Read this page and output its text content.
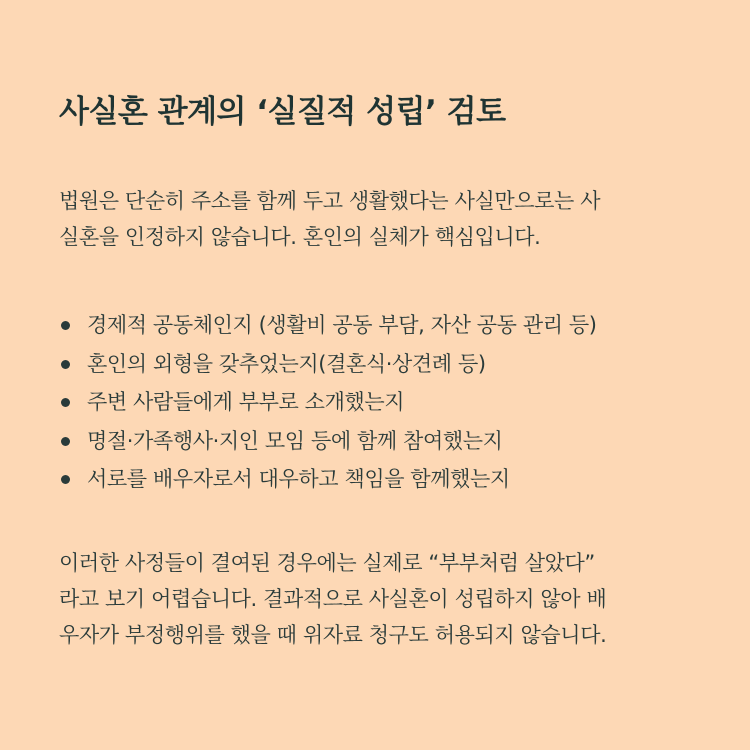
사실혼 관계의 ‘실질적 성립’ 검토

법원은 단순히 주소를 함께 두고 생활했다는 사실만으로는 사
실혼을 인정하지 않습니다. 혼인의 실체가 핵심입니다.

경제적 공동체인지 (생활비 공동 부담, 자산 공동 관리 등)
혼인의 외형을 갖추었는지(결혼식·상견례 등)
주변 사람들에게 부부로 소개했는지
명절·가족행사·지인 모임 등에 함께 참여했는지
서로를 배우자로서 대우하고 책임을 함께했는지

이러한 사정들이 결여된 경우에는 실제로 “부부처럼 살았다”
라고 보기 어렵습니다. 결과적으로 사실혼이 성립하지 않아 배
우자가 부정행위를 했을 때 위자료 청구도 허용되지 않습니다.
